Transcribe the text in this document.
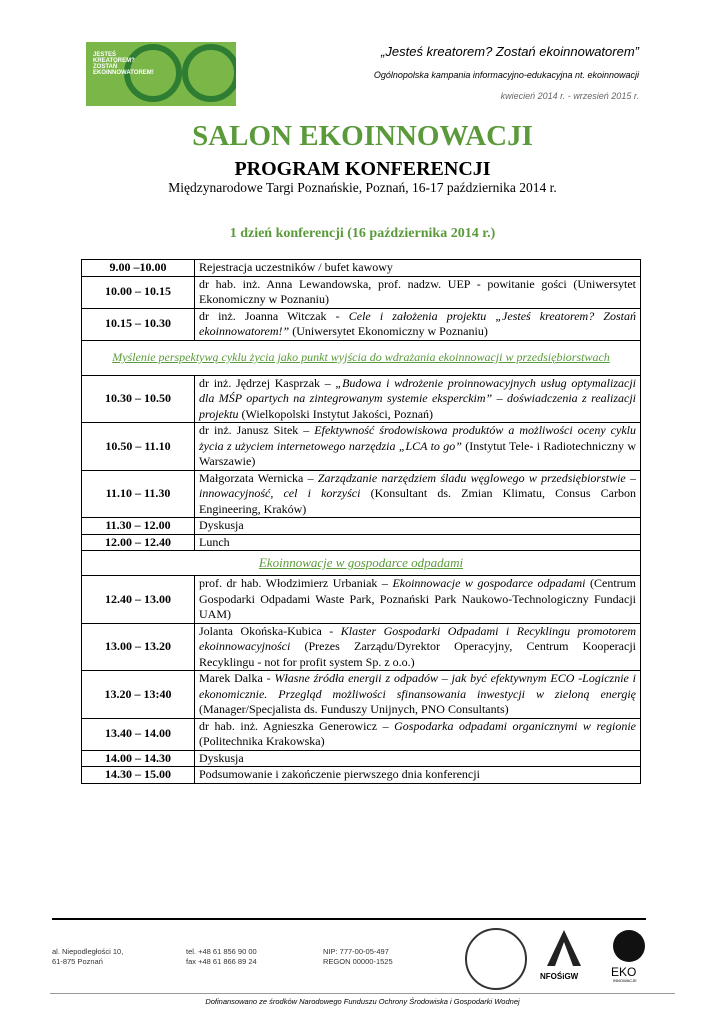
JESTEŚ
KREATOREM?
ZOSTAŃ
EKOINNOWATOREM!
„Jesteś kreatorem? Zostań ekoinnowatorem”
Ogólnopolska kampania informacyjno-edukacyjna nt. ekoinnowacji
kwiecień 2014 r. - wrzesień 2015 r.
SALON EKOINNOWACJI
PROGRAM KONFERENCJI
Międzynarodowe Targi Poznańskie, Poznań, 16-17 października 2014 r.
1 dzień konferencji (16 października 2014 r.)
9.00 –10.00	Rejestracja uczestników / bufet kawowy
10.00 – 10.15	dr hab. inż. Anna Lewandowska, prof. nadzw. UEP - powitanie gości (Uniwersytet Ekonomiczny w Poznaniu)
10.15 – 10.30	dr inż. Joanna Witczak - Cele i założenia projektu „Jesteś kreatorem? Zostań ekoinnowatorem!” (Uniwersytet Ekonomiczny w Poznaniu)
Myślenie perspektywą cyklu życia jako punkt wyjścia do wdrażania ekoinnowacji w przedsiębiorstwach	
10.30 – 10.50	dr inż. Jędrzej Kasprzak – „Budowa i wdrożenie proinnowacyjnych usług optymalizacji dla MŚP opartych na zintegrowanym systemie eksperckim” – doświadczenia z realizacji projektu (Wielkopolski Instytut Jakości, Poznań)
10.50 – 11.10	dr inż. Janusz Sitek – Efektywność środowiskowa produktów a możliwości oceny cyklu życia z użyciem internetowego narzędzia „LCA to go” (Instytut Tele- i Radiotechniczny w Warszawie)
11.10 – 11.30	Małgorzata Wernicka – Zarządzanie narzędziem śladu węglowego w przedsiębiorstwie – innowacyjność, cel i korzyści (Konsultant ds. Zmian Klimatu, Consus Carbon Engineering, Kraków)
11.30 – 12.00	Dyskusja
12.00 – 12.40	Lunch
Ekoinnowacje w gospodarce odpadami	
12.40 – 13.00	prof. dr hab. Włodzimierz Urbaniak – Ekoinnowacje w gospodarce odpadami (Centrum Gospodarki Odpadami Waste Park, Poznański Park Naukowo-Technologiczny Fundacji UAM)
13.00 – 13.20	Jolanta Okońska-Kubica - Klaster Gospodarki Odpadami i Recyklingu promotorem ekoinnowacyjności (Prezes Zarządu/Dyrektor Operacyjny, Centrum Kooperacji Recyklingu - not for profit system Sp. z o.o.)
13.20 – 13:40	Marek Dalka - Własne źródła energii z odpadów – jak być efektywnym ECO -Logicznie i ekonomicznie. Przegląd możliwości sfinansowania inwestycji w zieloną energię (Manager/Specjalista ds. Funduszy Unijnych, PNO Consultants)
13.40 – 14.00	dr hab. inż. Agnieszka Generowicz – Gospodarka odpadami organicznymi w regionie (Politechnika Krakowska)
14.00 – 14.30	Dyskusja
14.30 – 15.00	Podsumowanie i zakończenie pierwszego dnia konferencji
al. Niepodległości 10,
61-875 Poznań
tel. +48 61 856 90 00
fax +48 61 866 89 24
NIP: 777-00-05-497
REGON 00000-1525
NFOŚiGW	EKO
INNOWACJE
Dofinansowano ze środków Narodowego Funduszu Ochrony Środowiska i Gospodarki Wodnej
